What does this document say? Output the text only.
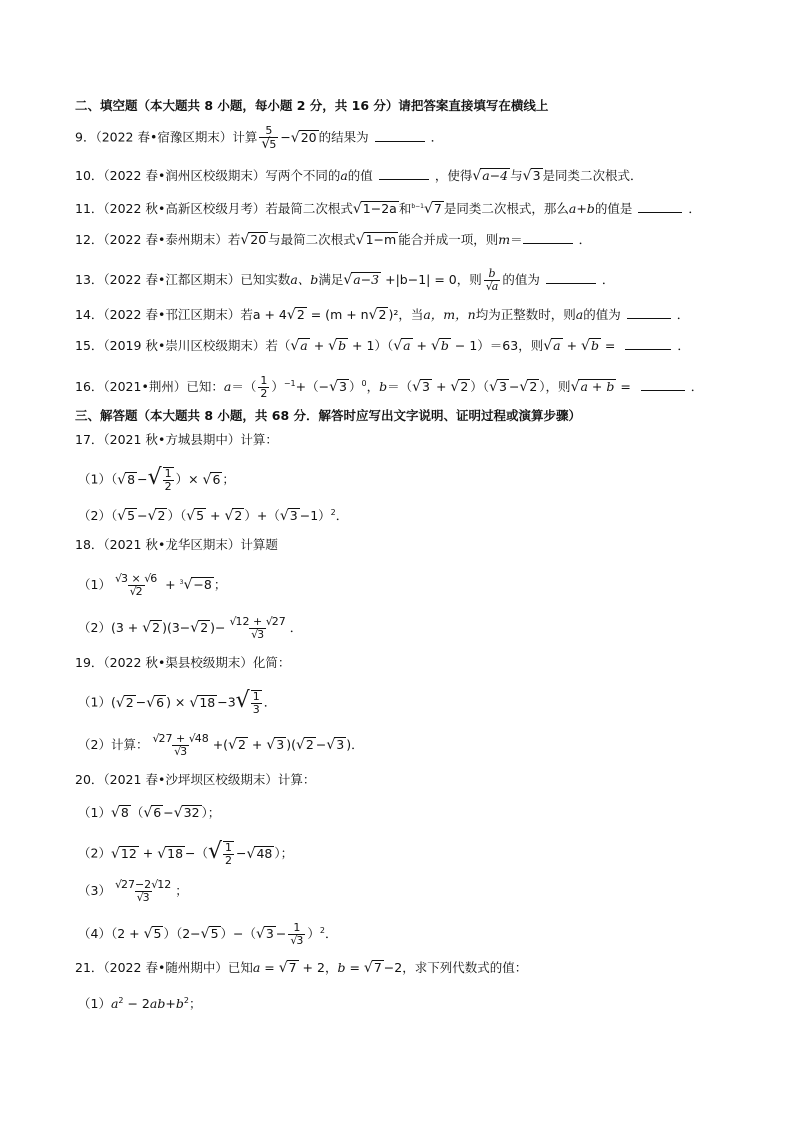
二、填空题（本大题共 8 小题，每小题 2 分，共 16 分）请把答案直接填写在横线上
9．（2022 春•宿豫区期末）计算 $\frac{5}{√5} -√20$ 的结果为	．
10．（2022 春•润州区校级期末）写两个不同的a的值	，使得√a−4 与√3 是同类二次根式．
11．（2022 秋•高新区校级月考）若最简二次根式√1−2a 和$^{b-1}$√7 是同类二次根式，那么a+b的值是	．
12．（2022 春•泰州期末）若√20 与最简二次根式√1−m 能合并成一项，则m＝	．
13．（2022 春•江都区期末）已知实数a、b满足√a−3 +|b−1| = 0，则 $\frac{b}{√a}$ 的值为	．
14．（2022 春•邗江区期末）若a + 4√2 = (m + n√2 )²，当a，m，n均为正整数时，则a的值为	．
15．（2019 秋•崇川区校级期末）若（√a + √b + 1）（√a + √b − 1）＝63，则√a + √b =	．
16．（2021•荆州）已知：$a=( \frac{1}{2} )^{-1}+(-√3$ ）$^0$，b＝（√3 + √2 ）（√3 −√2 ），则√a + b =	．
三、解答题（本大题共 8 小题，共 68 分．解答时应写出文字说明、证明过程或演算步骤）
17．（2021 秋•方城县期中）计算：
（1）（√8 −√ $\frac{1}{2}$ ）× √6 ；
（2）（√5 −√2 ）（√5 + √2 ）$+(√3 -1)^2$．
18．（2021 秋•龙华区期末）计算题
$(1) \frac{√3 \times √6}{√2} + ^3√-8$ ；
（2）(3 + √2 )(3−√2 )− $\frac{√12 + √27}{√3}$ ．
19．（2022 秋•渠县校级期末）化简：
（1）(√2 −√6 ) × $√18 -3√ \frac{1}{3}$ ．
（2）计算： $\frac{√27 + √48}{√3} +(√2 + √3$ )(√2 −√3 )．
20．（2021 春•沙坪坝区校级期末）计算：
（1）√8 （√6 −√32 ）；
（2）√12 + √18 −（√ $\frac{1}{2} -√48$ ）；
$(3) \frac{√27-2√12}{√3}$ ；
（4）（2 + √5 ）（2−√5 ）$-(√3 - \frac{1}{√3} )^2$．
21．（2022 春•随州期中）已知a = √7 + 2，b = √7 −2，求下列代数式的值：
$(1)a^2 - 2ab+b^2$；
